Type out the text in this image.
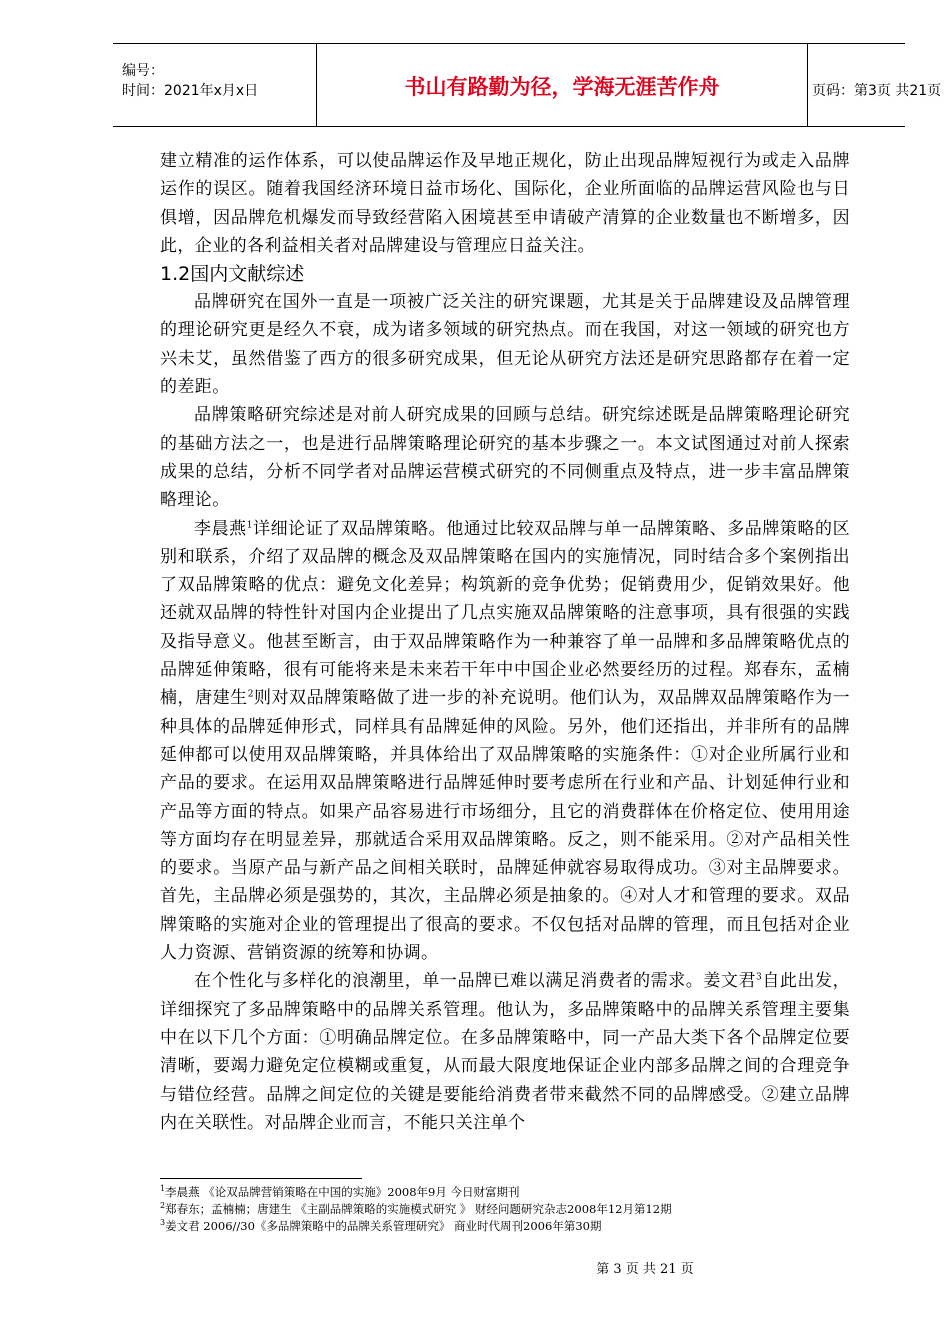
编号：
时间：2021年x月x日	书山有路勤为径，学海无涯苦作舟	页码：第3页 共21页

建立精准的运作体系，可以使品牌运作及早地正规化，防止出现品牌短视行为或走入品牌运作的误区。随着我国经济环境日益市场化、国际化，企业所面临的品牌运营风险也与日俱增，因品牌危机爆发而导致经营陷入困境甚至申请破产清算的企业数量也不断增多，因此，企业的各利益相关者对品牌建设与管理应日益关注。

1.2国内文献综述

品牌研究在国外一直是一项被广泛关注的研究课题，尤其是关于品牌建设及品牌管理的理论研究更是经久不衰，成为诸多领域的研究热点。而在我国，对这一领域的研究也方兴未艾，虽然借鉴了西方的很多研究成果，但无论从研究方法还是研究思路都存在着一定的差距。

品牌策略研究综述是对前人研究成果的回顾与总结。研究综述既是品牌策略理论研究的基础方法之一，也是进行品牌策略理论研究的基本步骤之一。本文试图通过对前人探索成果的总结，分析不同学者对品牌运营模式研究的不同侧重点及特点，进一步丰富品牌策略理论。

李晨燕$^1$详细论证了双品牌策略。他通过比较双品牌与单一品牌策略、多品牌策略的区别和联系，介绍了双品牌的概念及双品牌策略在国内的实施情况，同时结合多个案例指出了双品牌策略的优点：避免文化差异；构筑新的竞争优势；促销费用少，促销效果好。他还就双品牌的特性针对国内企业提出了几点实施双品牌策略的注意事项，具有很强的实践及指导意义。他甚至断言，由于双品牌策略作为一种兼容了单一品牌和多品牌策略优点的品牌延伸策略，很有可能将来是未来若干年中中国企业必然要经历的过程。郑春东，孟楠楠，唐建生$^2$则对双品牌策略做了进一步的补充说明。他们认为，双品牌双品牌策略作为一种具体的品牌延伸形式，同样具有品牌延伸的风险。另外，他们还指出，并非所有的品牌延伸都可以使用双品牌策略，并具体给出了双品牌策略的实施条件：①对企业所属行业和产品的要求。在运用双品牌策略进行品牌延伸时要考虑所在行业和产品、计划延伸行业和产品等方面的特点。如果产品容易进行市场细分，且它的消费群体在价格定位、使用用途等方面均存在明显差异，那就适合采用双品牌策略。反之，则不能采用。②对产品相关性的要求。当原产品与新产品之间相关联时，品牌延伸就容易取得成功。③对主品牌要求。首先，主品牌必须是强势的，其次，主品牌必须是抽象的。④对人才和管理的要求。双品牌策略的实施对企业的管理提出了很高的要求。不仅包括对品牌的管理，而且包括对企业人力资源、营销资源的统筹和协调。

在个性化与多样化的浪潮里，单一品牌已难以满足消费者的需求。姜文君$^3$自此出发，详细探究了多品牌策略中的品牌关系管理。他认为，多品牌策略中的品牌关系管理主要集中在以下几个方面：①明确品牌定位。在多品牌策略中，同一产品大类下各个品牌定位要清晰，要竭力避免定位模糊或重复，从而最大限度地保证企业内部多品牌之间的合理竞争与错位经营。品牌之间定位的关键是要能给消费者带来截然不同的品牌感受。②建立品牌内在关联性。对品牌企业而言，不能只关注单个

$^1$李晨燕 《论双品牌营销策略在中国的实施》2008年9月 今日财富期刊
$^2$郑春东；孟楠楠；唐建生 《主副品牌策略的实施模式研究 》 财经问题研究杂志2008年12月第12期
$^3$姜文君 2006//30《多品牌策略中的品牌关系管理研究》 商业时代周刊2006年第30期
第 3 页 共 21 页
